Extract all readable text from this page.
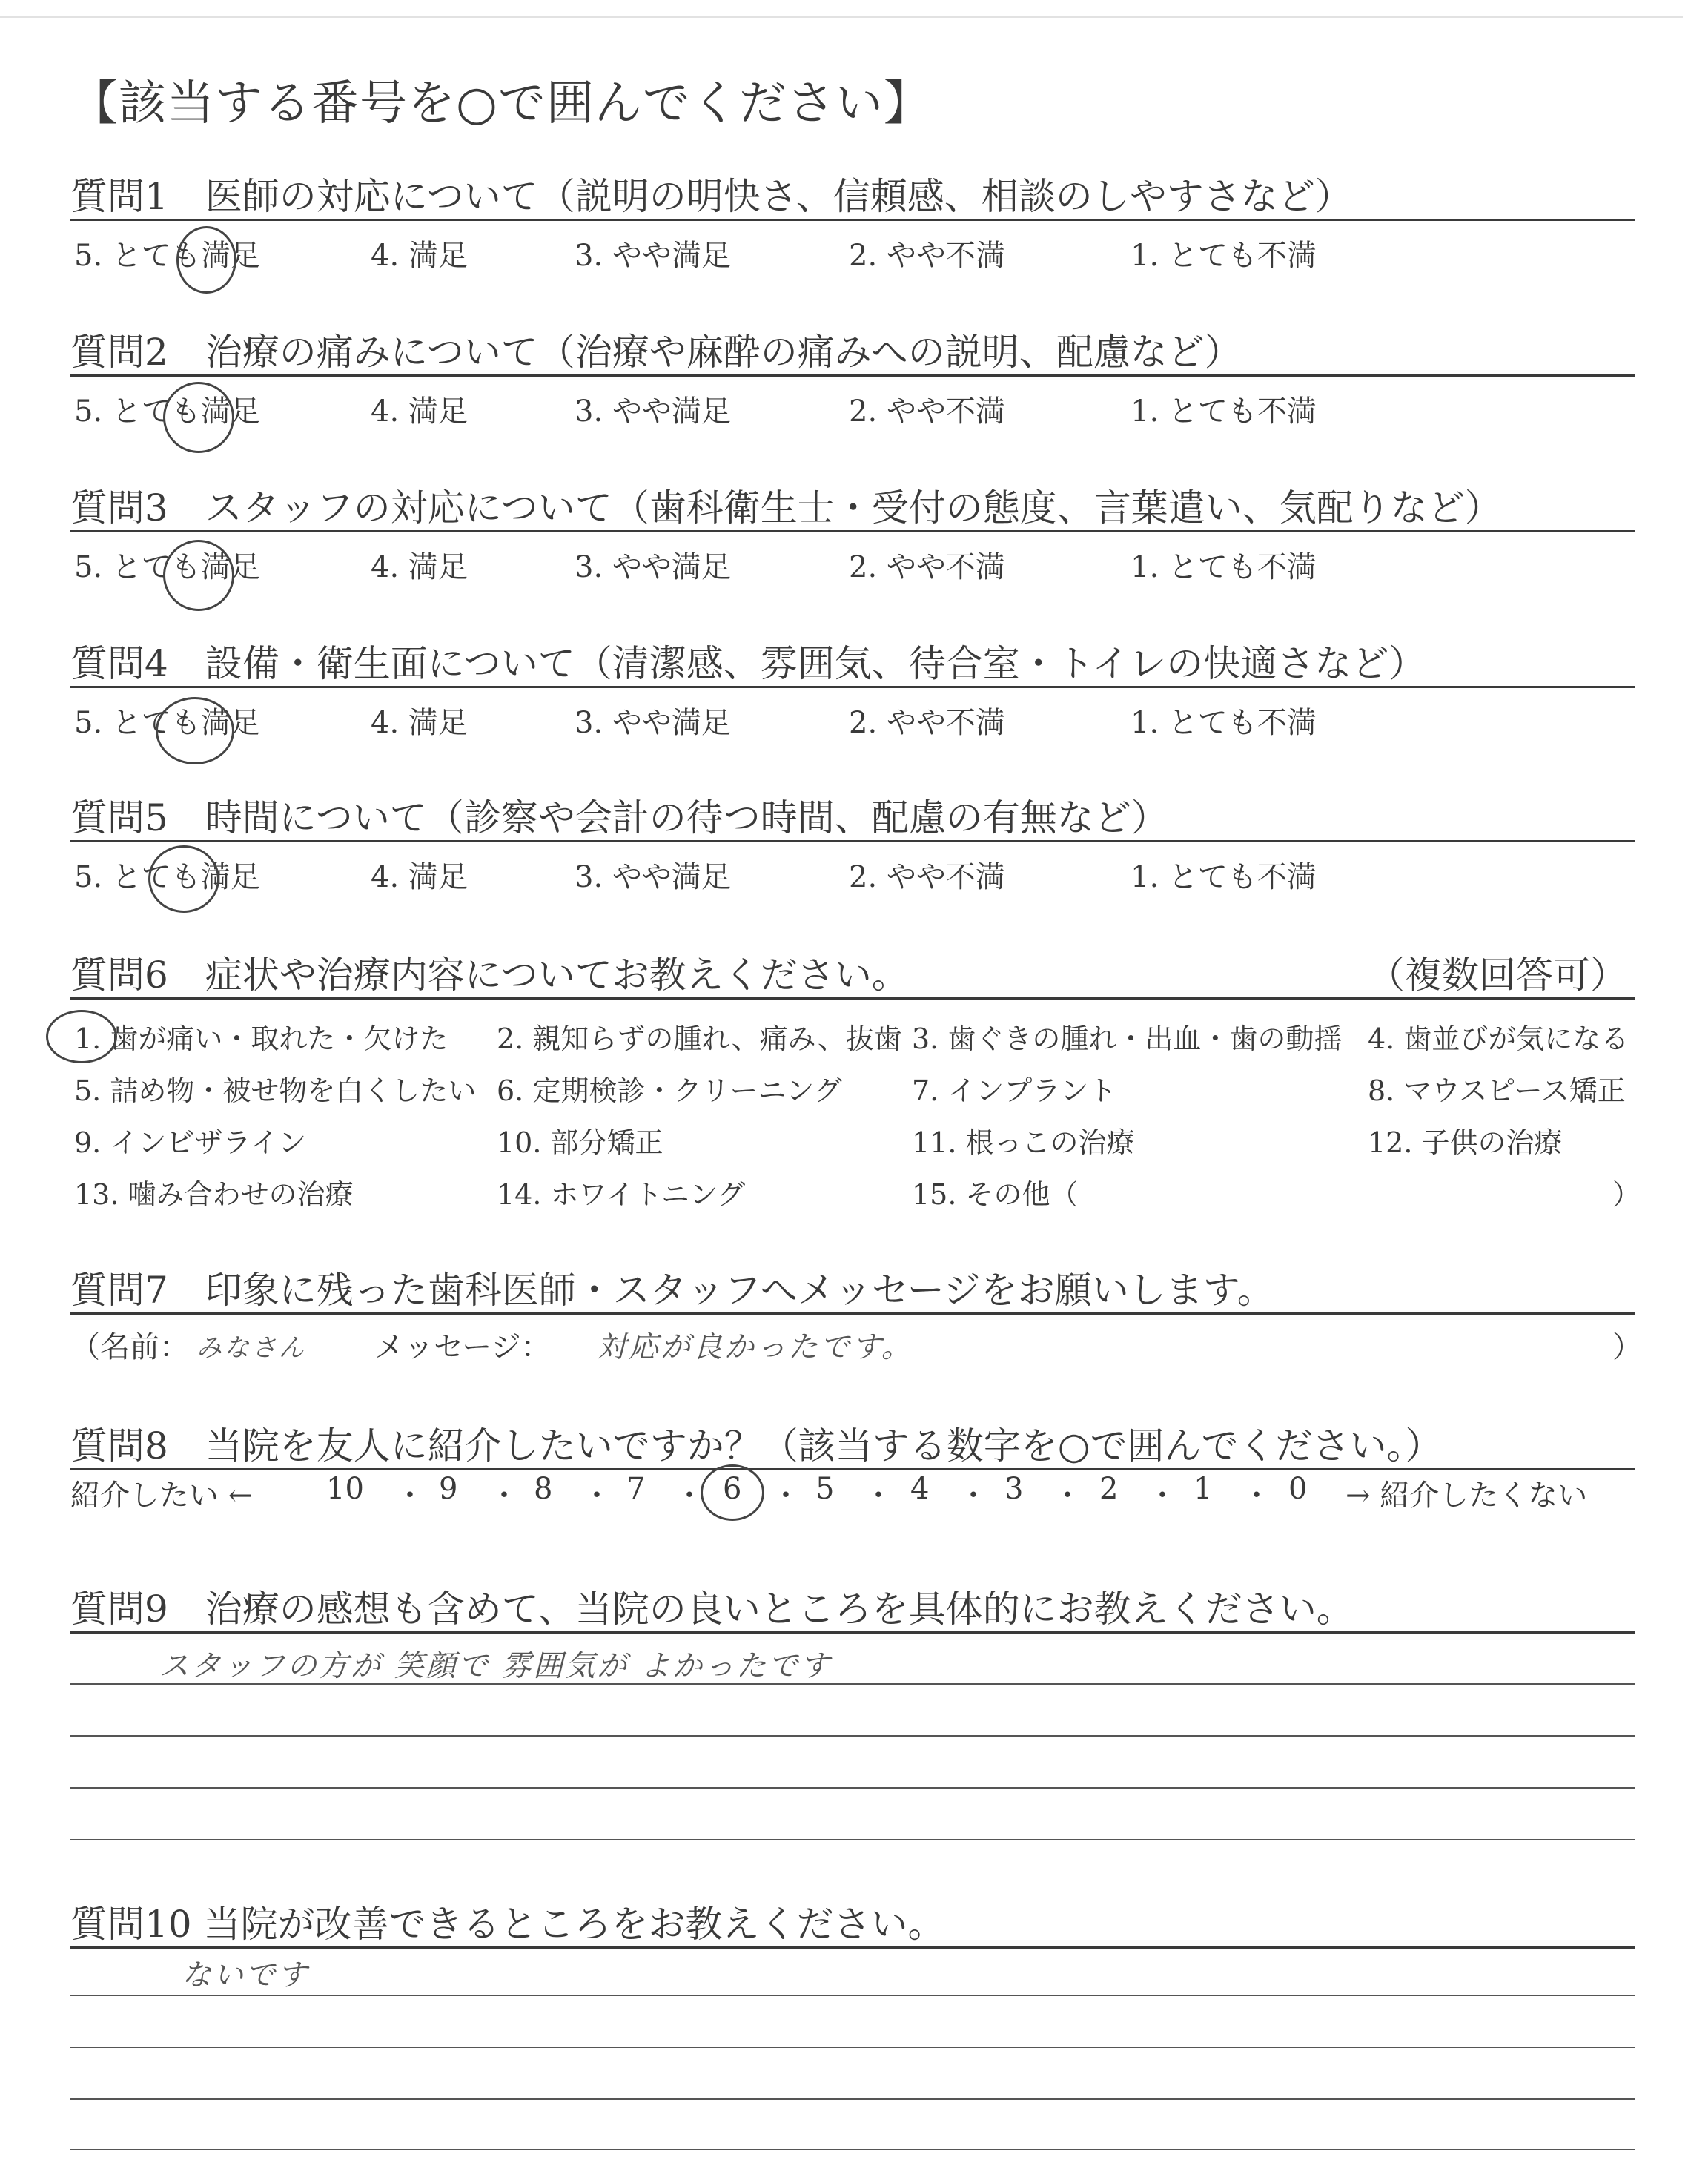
【該当する番号を○で囲んでください】
質問1　医師の対応について（説明の明快さ、信頼感、相談のしやすさなど）
5. とても満足	4. 満足	3. やや満足	2. やや不満	1. とても不満
質問2　治療の痛みについて（治療や麻酔の痛みへの説明、配慮など）
5. とても満足	4. 満足	3. やや満足	2. やや不満	1. とても不満
質問3　スタッフの対応について（歯科衛生士・受付の態度、言葉遣い、気配りなど）
5. とても満足	4. 満足	3. やや満足	2. やや不満	1. とても不満
質問4　設備・衛生面について（清潔感、雰囲気、待合室・トイレの快適さなど）
5. とても満足	4. 満足	3. やや満足	2. やや不満	1. とても不満
質問5　時間について（診察や会計の待つ時間、配慮の有無など）
5. とても満足	4. 満足	3. やや満足	2. やや不満	1. とても不満
質問6　症状や治療内容についてお教えください。	（複数回答可）
1. 歯が痛い・取れた・欠けた 2. 親知らずの腫れ、痛み、抜歯 3. 歯ぐきの腫れ・出血・歯の動揺 4. 歯並びが気になる
5. 詰め物・被せ物を白くしたい 6. 定期検診・クリーニング 7. インプラント	8. マウスピース矯正
9. インビザライン	10. 部分矯正	11. 根っこの治療	12. 子供の治療
13. 噛み合わせの治療	14. ホワイトニング	15. その他（	）
質問7　印象に残った歯科医師・スタッフへメッセージをお願いします。
（名前： みなさん メッセージ： 対応が良かったです。	）
質問8　当院を友人に紹介したいですか？（該当する数字を○で囲んでください。）
紹介したい ← 10 ・ 9 ・ 8 ・ 7 ・ 6 ・ 5 ・ 4 ・ 3 ・ 2 ・ 1 ・ 0 → 紹介したくない
質問9　治療の感想も含めて、当院の良いところを具体的にお教えください。
スタッフの方が 笑顔で 雰囲気が よかったです
質問10 当院が改善できるところをお教えください。
ないです
